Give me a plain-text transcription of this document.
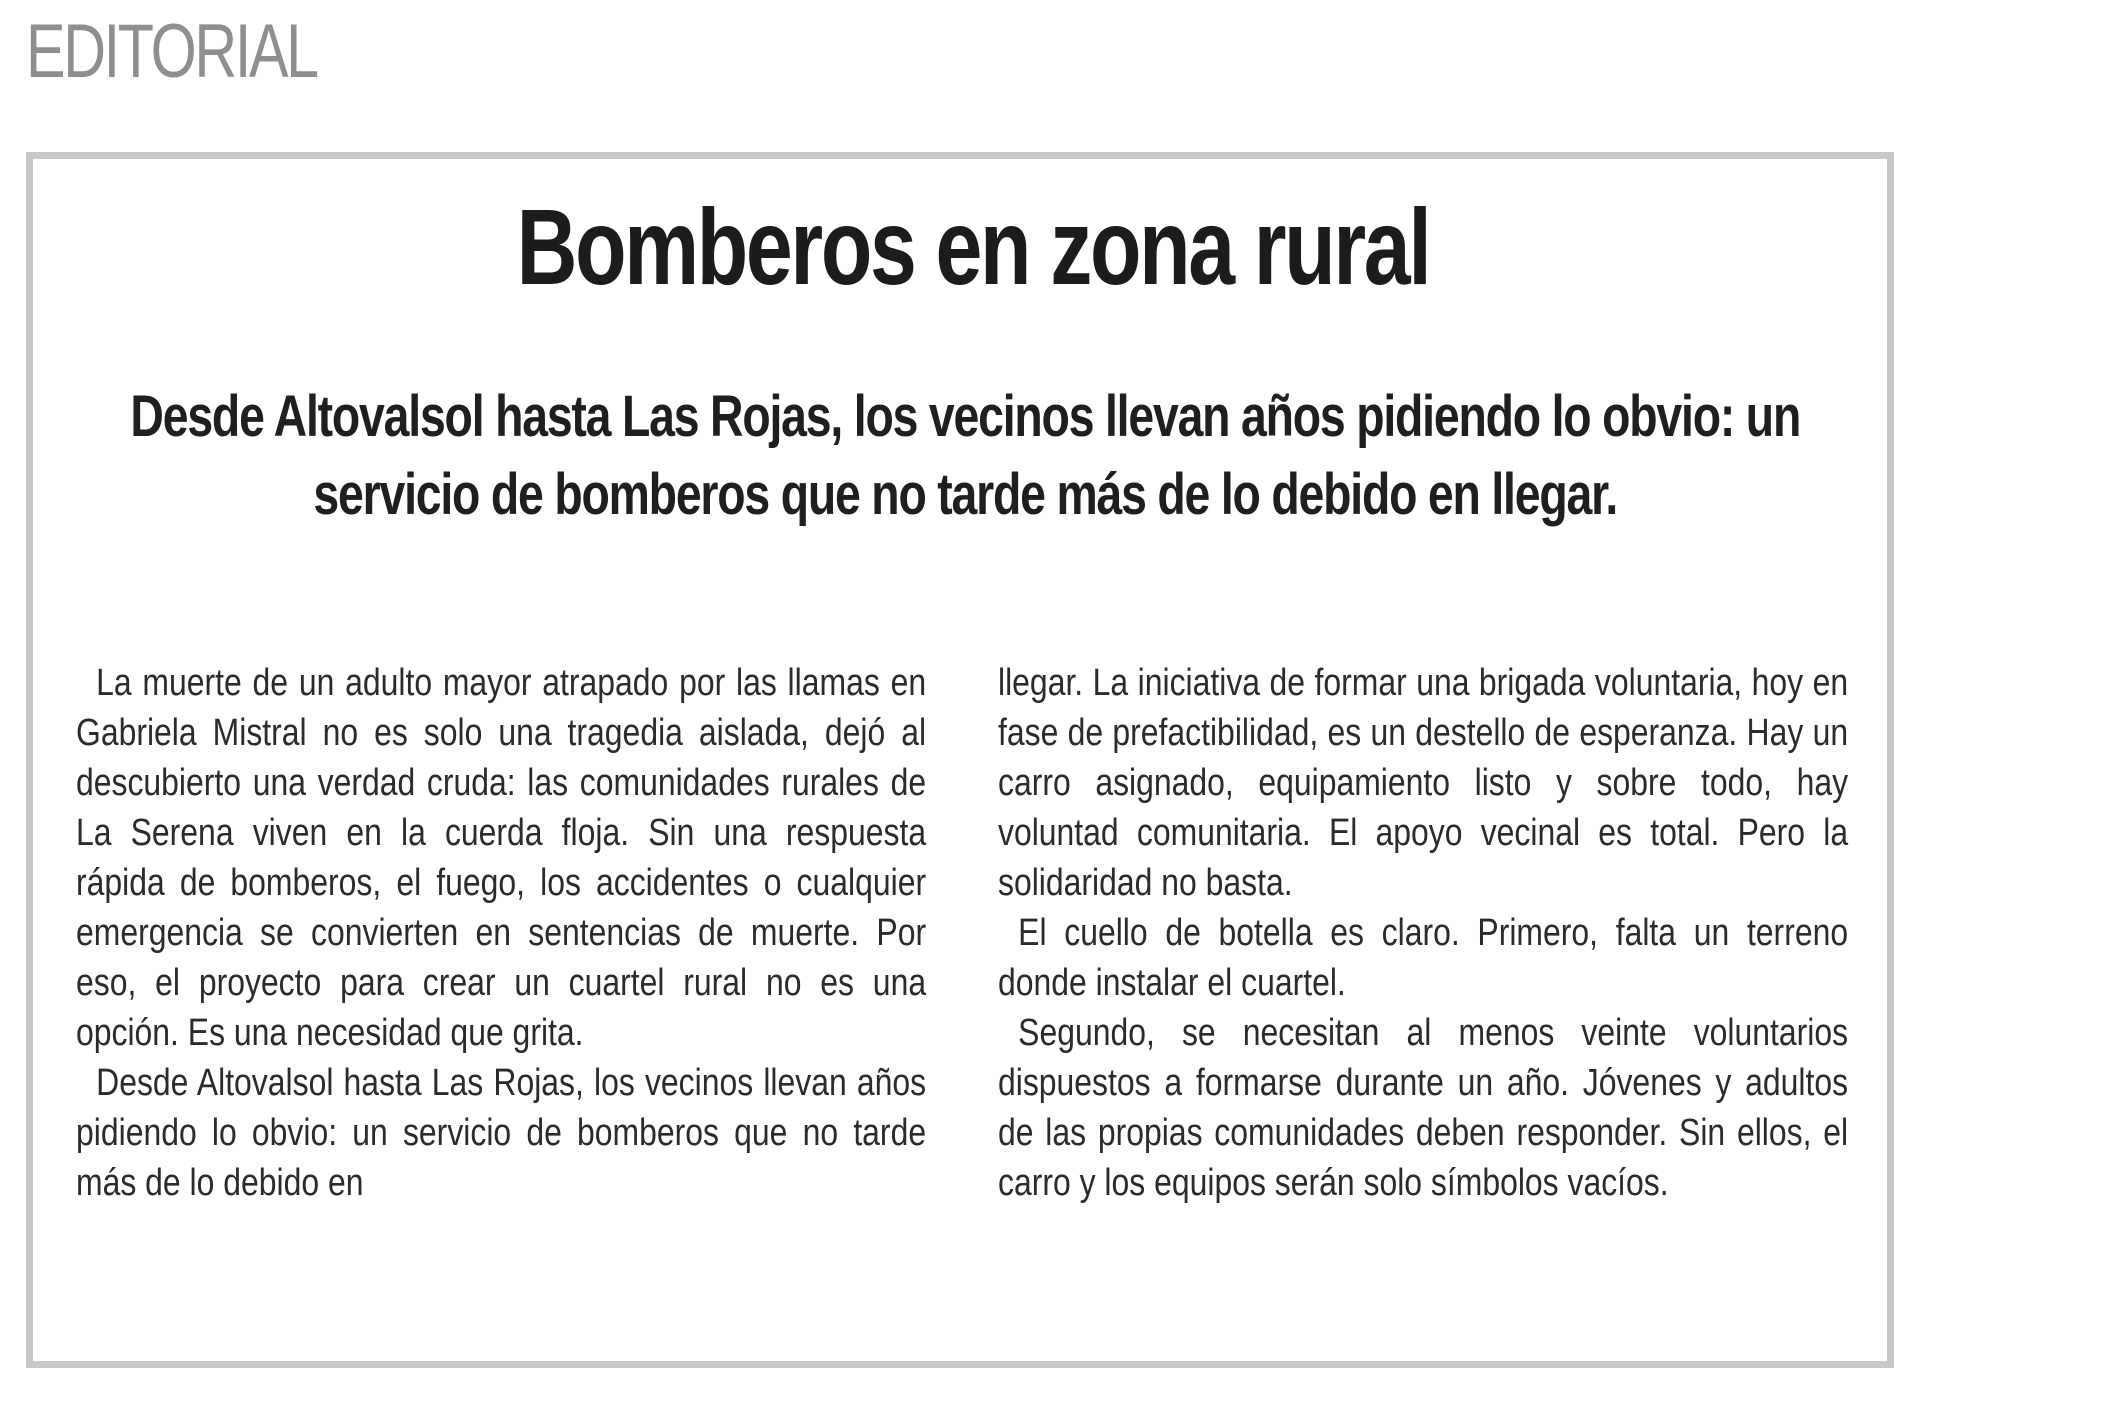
EDITORIAL
Bomberos en zona rural
Desde Altovalsol hasta Las Rojas, los vecinos llevan años pidiendo lo obvio: un servicio de bomberos que no tarde más de lo debido en llegar.

La muerte de un adulto mayor atrapado por las llamas en Gabriela Mistral no es solo una tragedia aislada, dejó al descubierto una verdad cruda: las comunidades rurales de La Serena viven en la cuerda floja. Sin una respuesta rápida de bomberos, el fuego, los accidentes o cualquier emergencia se convierten en sentencias de muerte. Por eso, el proyecto para crear un cuartel rural no es una opción. Es una necesidad que grita.

Desde Altovalsol hasta Las Rojas, los vecinos llevan años pidiendo lo obvio: un servicio de bomberos que no tarde más de lo debido en

llegar. La iniciativa de formar una brigada voluntaria, hoy en fase de prefactibilidad, es un destello de esperanza. Hay un carro asignado, equipamiento listo y sobre todo, hay voluntad comunitaria. El apoyo vecinal es total. Pero la solidaridad no basta.

El cuello de botella es claro. Primero, falta un terreno donde instalar el cuartel.

Segundo, se necesitan al menos veinte voluntarios dispuestos a formarse durante un año. Jóvenes y adultos de las propias comunidades deben responder. Sin ellos, el carro y los equipos serán solo símbolos vacíos.
